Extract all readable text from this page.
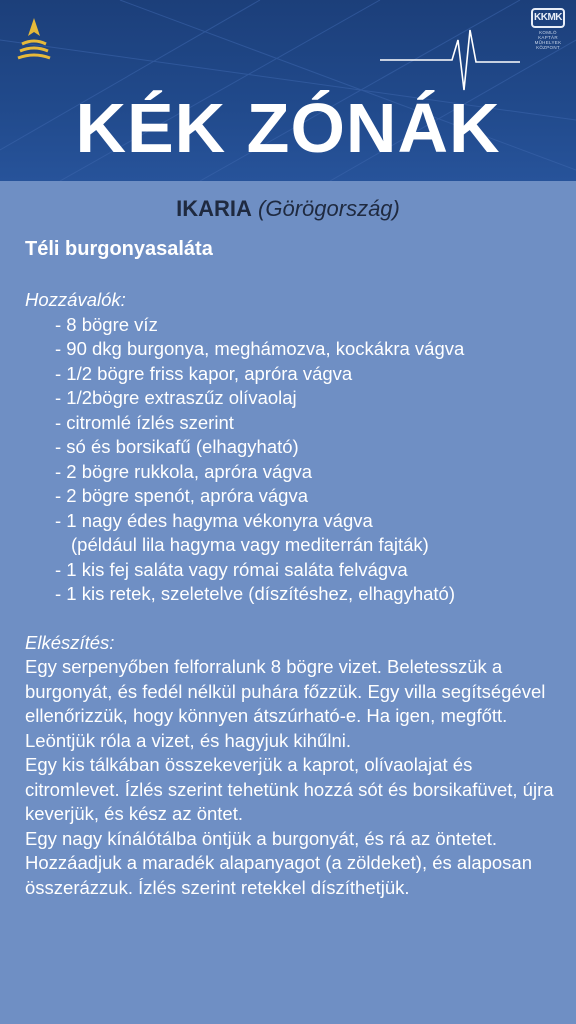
KKMK
KOMLÓ
KAPTÁR
MŰHELYEK
KÖZPONT
KÉK ZÓNÁK
IKARIA (Görögország)
Téli burgonyasaláta
Hozzávalók:
- 8 bögre víz
- 90 dkg burgonya, meghámozva, kockákra vágva
- 1/2 bögre friss kapor, apróra vágva
- 1/2bögre extraszűz olívaolaj
- citromlé ízlés szerint
- só és borsikafű (elhagyható)
- 2 bögre rukkola, apróra vágva
- 2 bögre spenót, apróra vágva
- 1 nagy édes hagyma vékonyra vágva
(például lila hagyma vagy mediterrán fajták)
- 1 kis fej saláta vagy római saláta felvágva
- 1 kis retek, szeletelve (díszítéshez, elhagyható)
Elkészítés:

Egy serpenyőben felforralunk 8 bögre vizet. Beletesszük a burgonyát, és fedél nélkül puhára főzzük. Egy villa segítségével ellenőrizzük, hogy könnyen átszúrható-e. Ha igen, megfőtt. Leöntjük róla a vizet, és hagyjuk kihűlni.

Egy kis tálkában összekeverjük a kaprot, olívaolajat és citromlevet. Ízlés szerint tehetünk hozzá sót és borsikafüvet, újra keverjük, és kész az öntet.

Egy nagy kínálótálba öntjük a burgonyát, és rá az öntetet.

Hozzáadjuk a maradék alapanyagot (a zöldeket), és alaposan összerázzuk. Ízlés szerint retekkel díszíthetjük.
